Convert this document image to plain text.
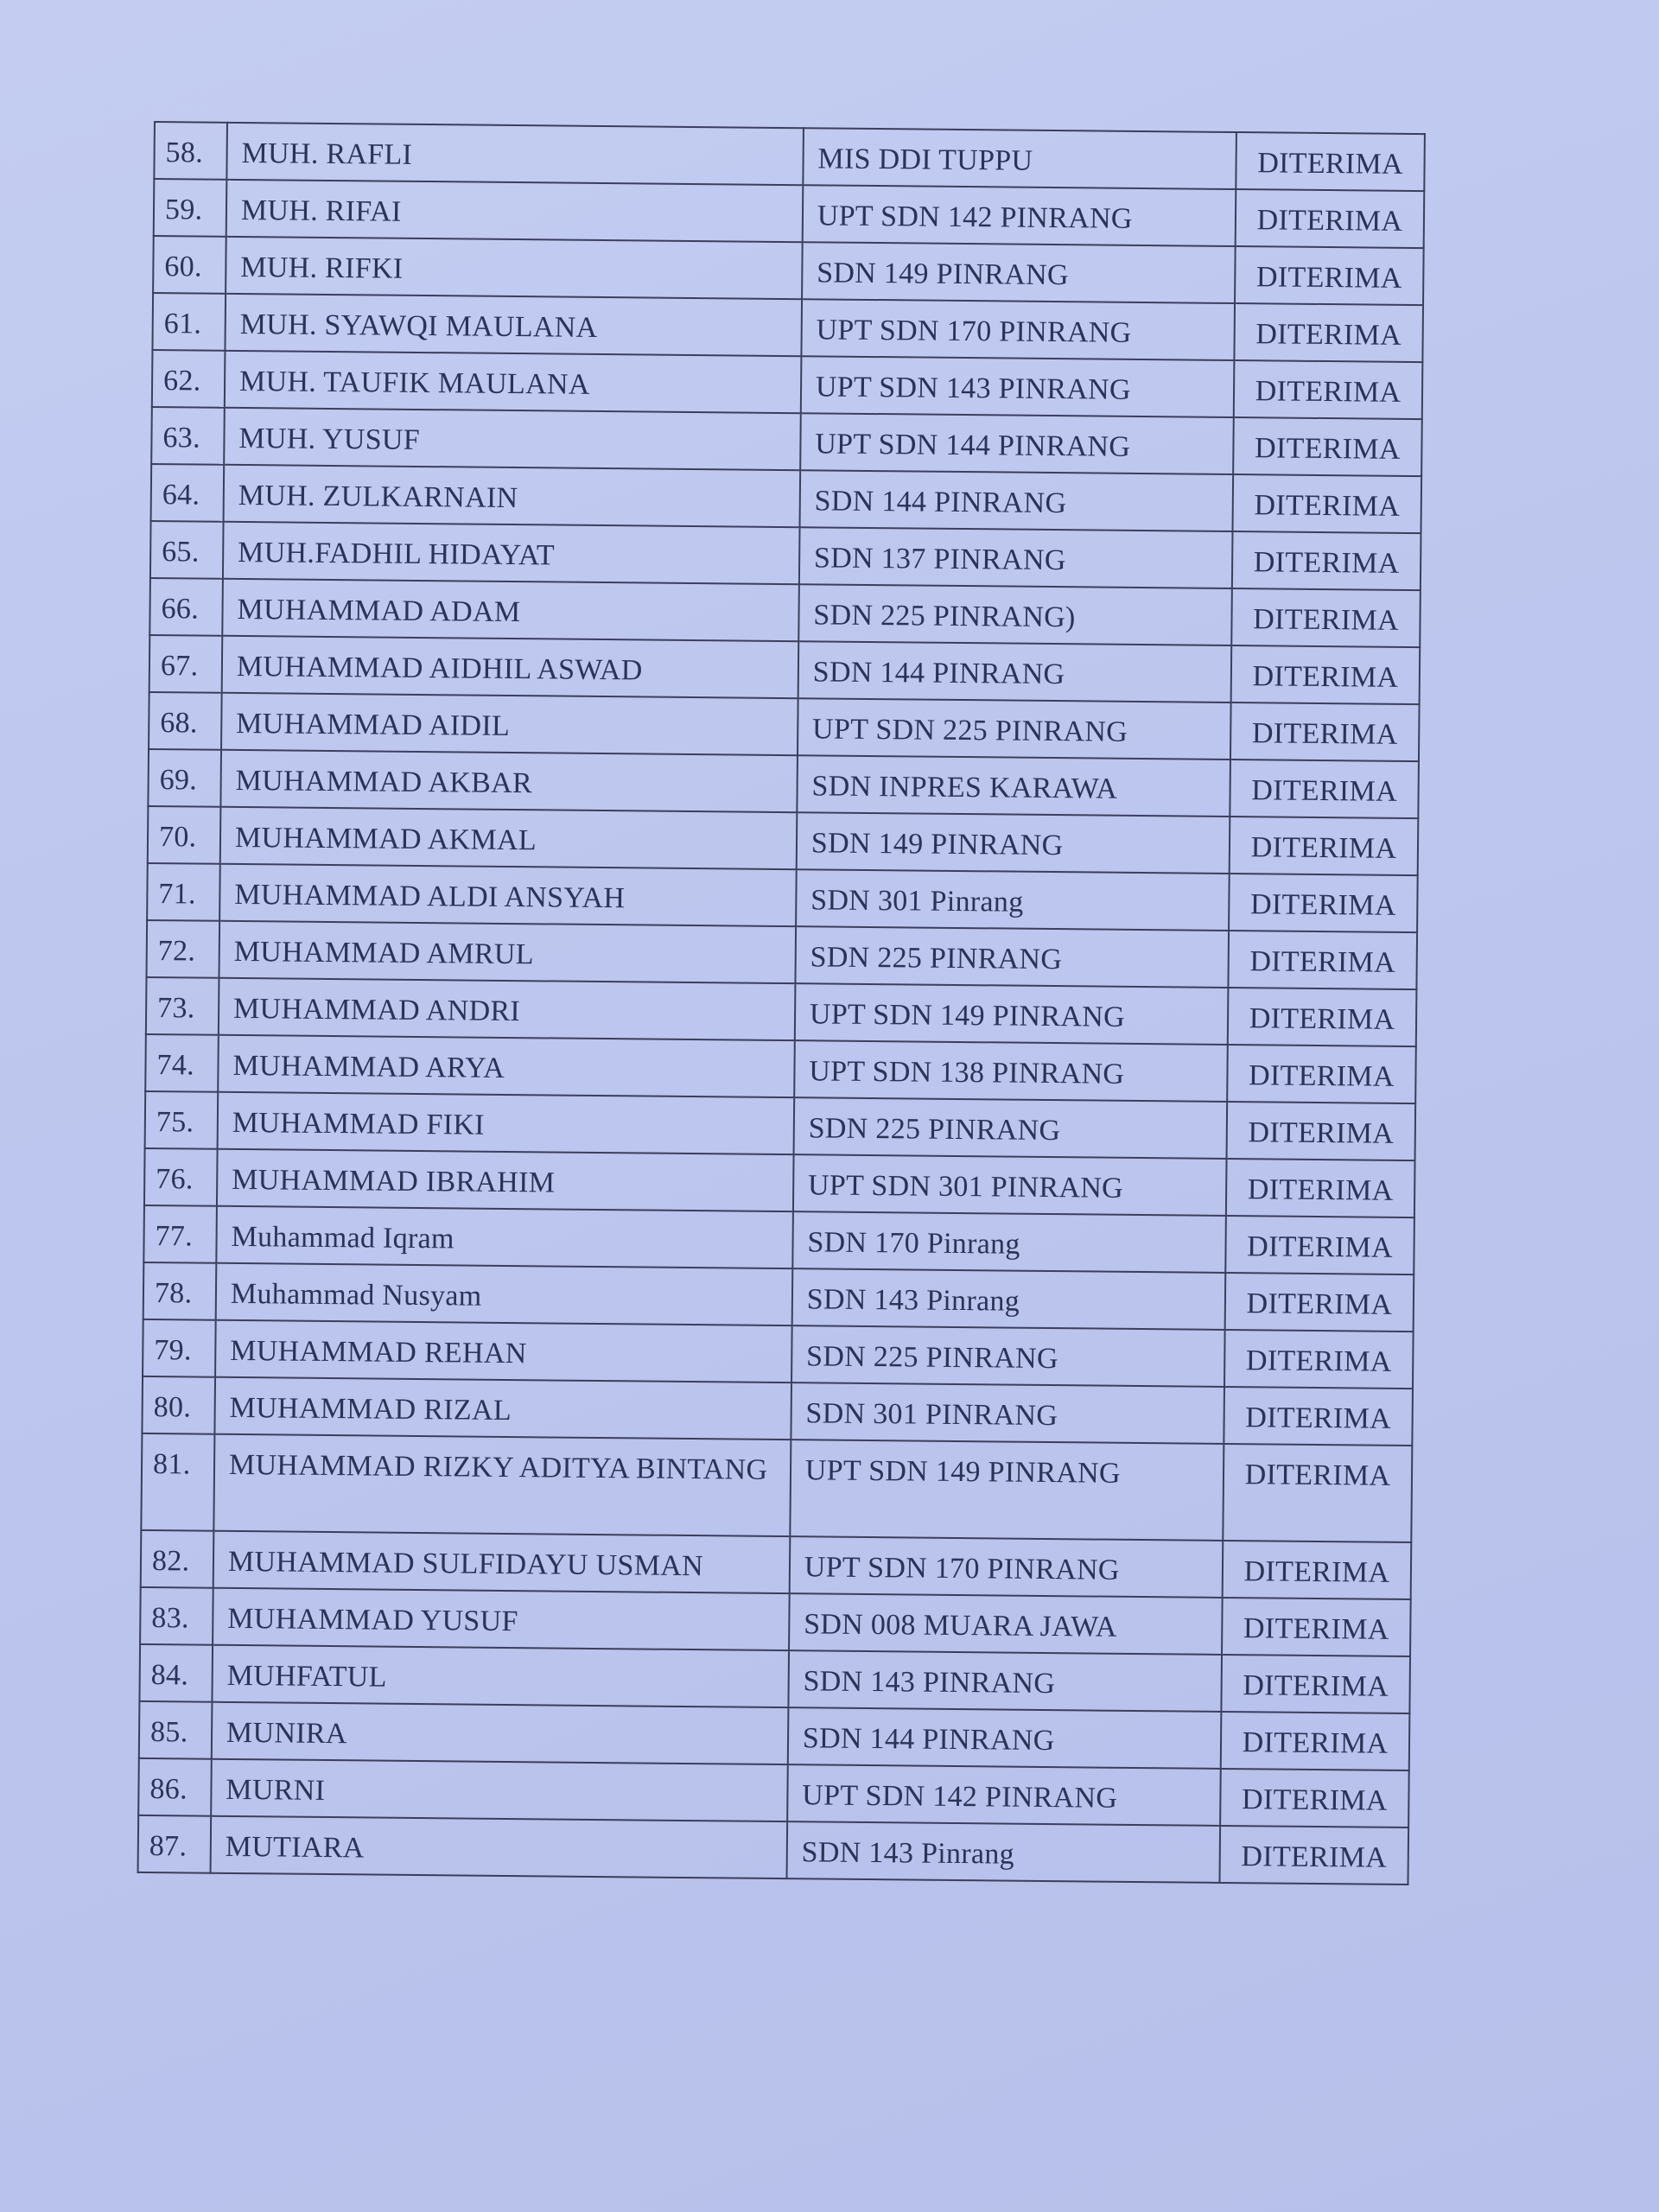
58.	MUH. RAFLI	MIS DDI TUPPU	DITERIMA
59.	MUH. RIFAI	UPT SDN 142 PINRANG	DITERIMA
60.	MUH. RIFKI	SDN 149 PINRANG	DITERIMA
61.	MUH. SYAWQI MAULANA	UPT SDN 170 PINRANG	DITERIMA
62.	MUH. TAUFIK MAULANA	UPT SDN 143 PINRANG	DITERIMA
63.	MUH. YUSUF	UPT SDN 144 PINRANG	DITERIMA
64.	MUH. ZULKARNAIN	SDN 144 PINRANG	DITERIMA
65.	MUH.FADHIL HIDAYAT	SDN 137 PINRANG	DITERIMA
66.	MUHAMMAD ADAM	SDN 225 PINRANG)	DITERIMA
67.	MUHAMMAD AIDHIL ASWAD	SDN 144 PINRANG	DITERIMA
68.	MUHAMMAD AIDIL	UPT SDN 225 PINRANG	DITERIMA
69.	MUHAMMAD AKBAR	SDN INPRES KARAWA	DITERIMA
70.	MUHAMMAD AKMAL	SDN 149 PINRANG	DITERIMA
71.	MUHAMMAD ALDI ANSYAH	SDN 301 Pinrang	DITERIMA
72.	MUHAMMAD AMRUL	SDN 225 PINRANG	DITERIMA
73.	MUHAMMAD ANDRI	UPT SDN 149 PINRANG	DITERIMA
74.	MUHAMMAD ARYA	UPT SDN 138 PINRANG	DITERIMA
75.	MUHAMMAD FIKI	SDN 225 PINRANG	DITERIMA
76.	MUHAMMAD IBRAHIM	UPT SDN 301 PINRANG	DITERIMA
77.	Muhammad Iqram	SDN 170 Pinrang	DITERIMA
78.	Muhammad Nusyam	SDN 143 Pinrang	DITERIMA
79.	MUHAMMAD REHAN	SDN 225 PINRANG	DITERIMA
80.	MUHAMMAD RIZAL	SDN 301 PINRANG	DITERIMA
81.	MUHAMMAD RIZKY ADITYA BINTANG	UPT SDN 149 PINRANG	DITERIMA
82.	MUHAMMAD SULFIDAYU USMAN	UPT SDN 170 PINRANG	DITERIMA
83.	MUHAMMAD YUSUF	SDN 008 MUARA JAWA	DITERIMA
84.	MUHFATUL	SDN 143 PINRANG	DITERIMA
85.	MUNIRA	SDN 144 PINRANG	DITERIMA
86.	MURNI	UPT SDN 142 PINRANG	DITERIMA
87.	MUTIARA	SDN 143 Pinrang	DITERIMA
